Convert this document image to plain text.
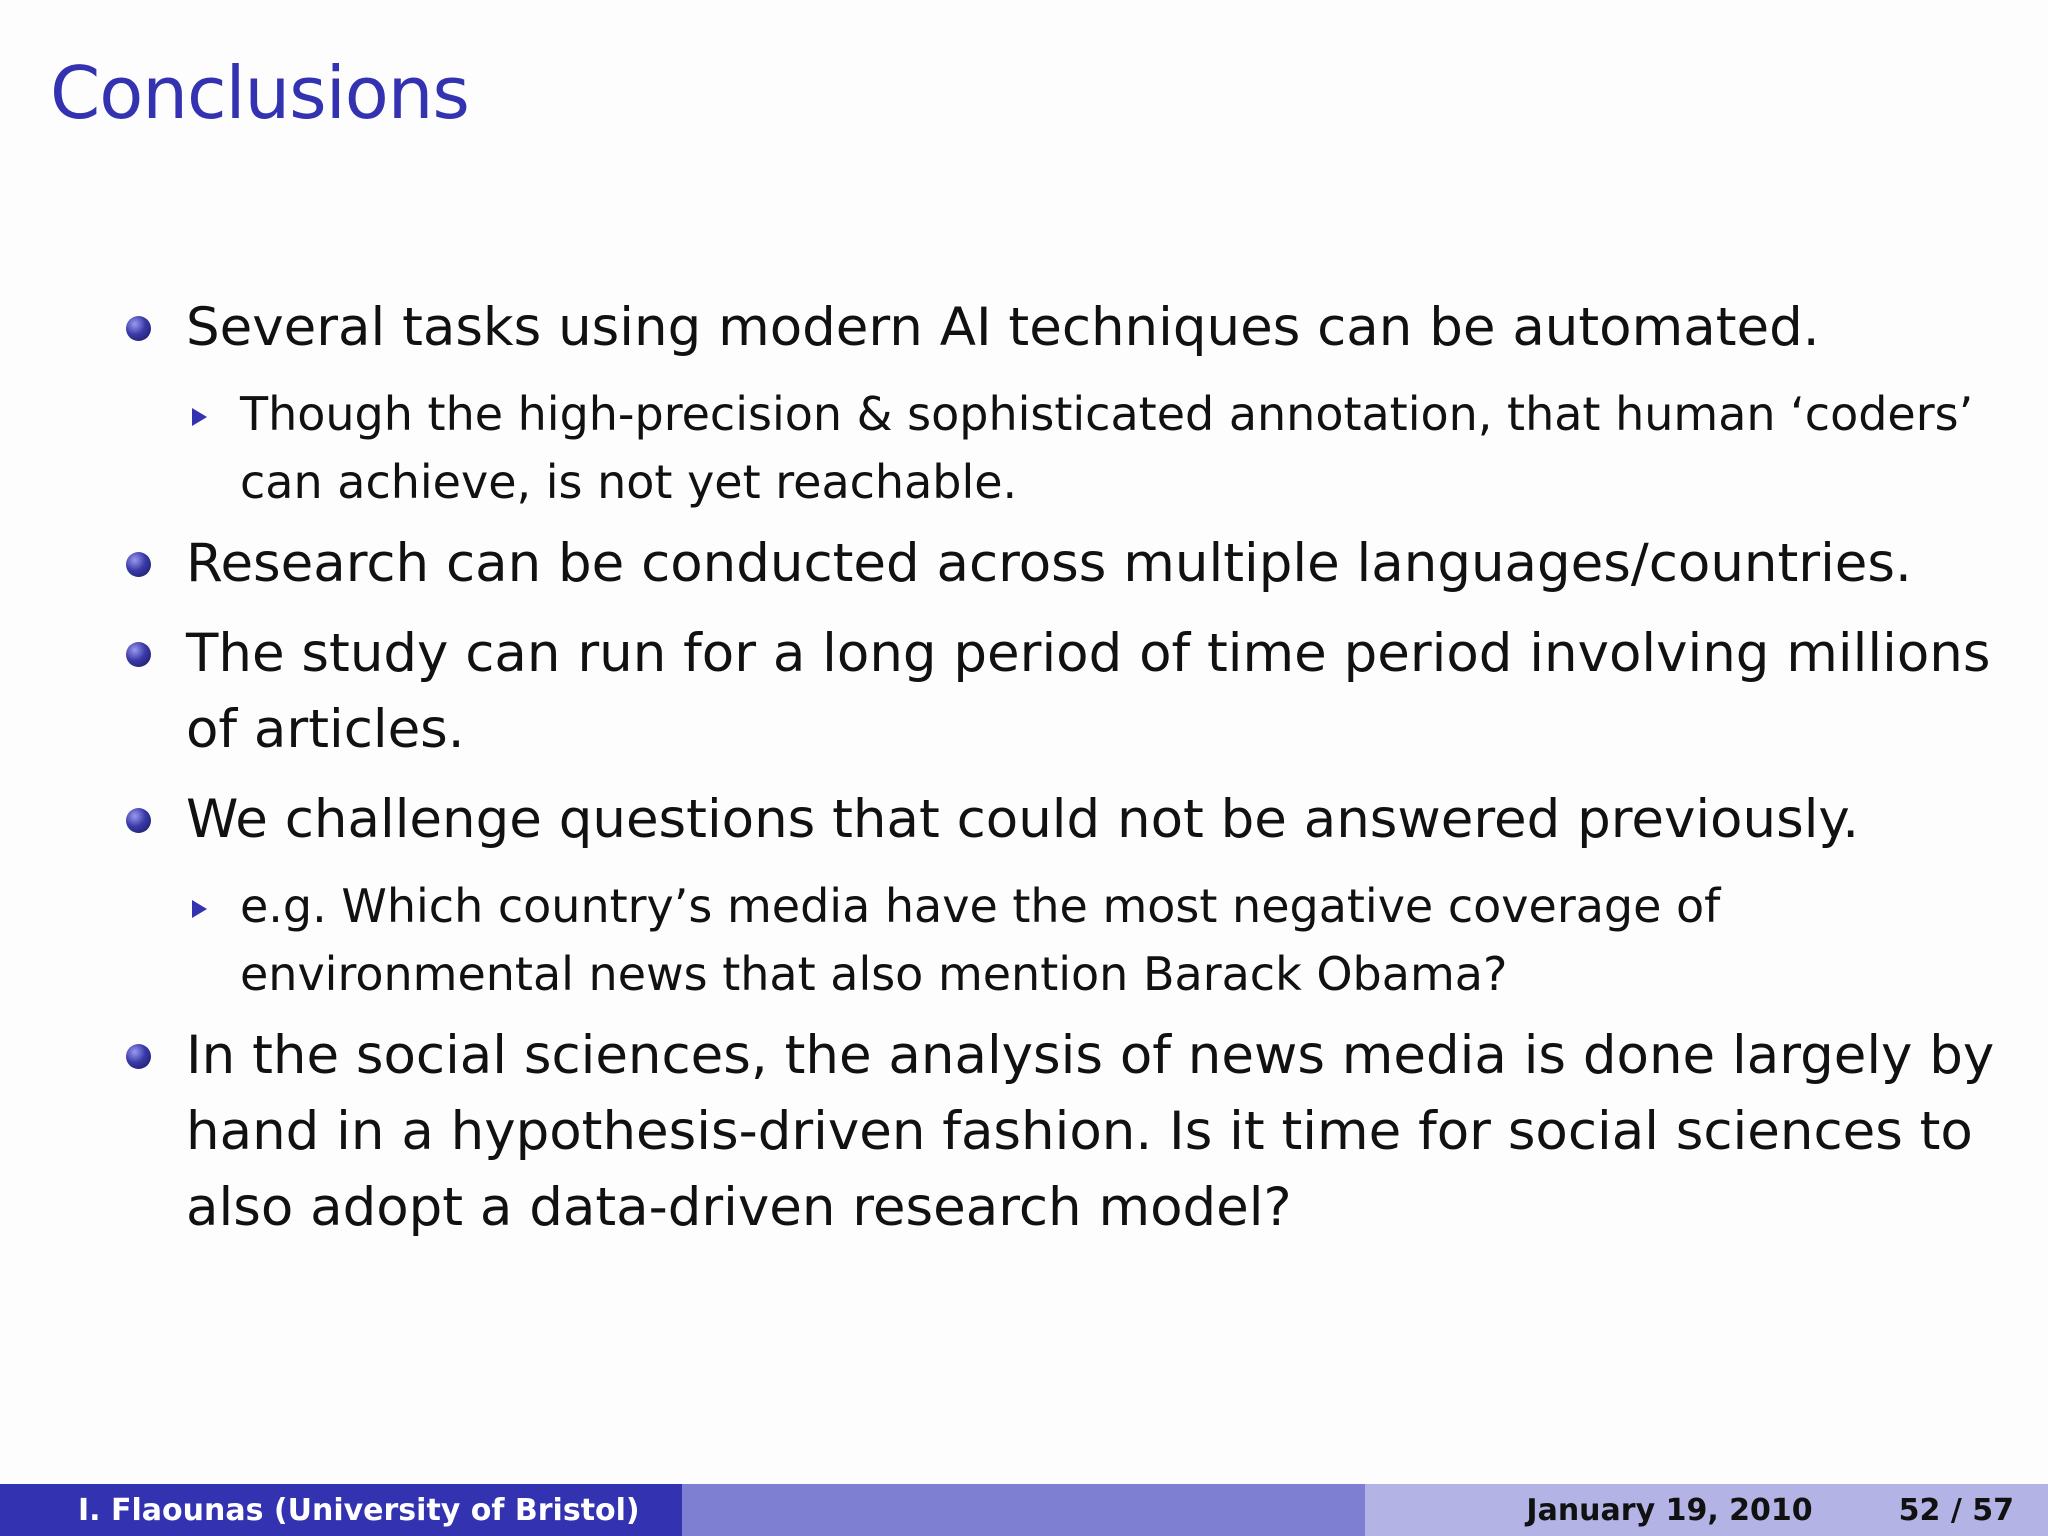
Conclusions
Several tasks using modern AI techniques can be automated.
Though the high-precision & sophisticated annotation, that human ‘coders’ can achieve, is not yet reachable.
Research can be conducted across multiple languages/countries.
The study can run for a long period of time period involving millions of articles.
We challenge questions that could not be answered previously.
e.g. Which country’s media have the most negative coverage of environmental news that also mention Barack Obama?
In the social sciences, the analysis of news media is done largely by hand in a hypothesis-driven fashion. Is it time for social sciences to also adopt a data-driven research model?
I. Flaounas (University of Bristol)	January 19, 2010	52 / 57
